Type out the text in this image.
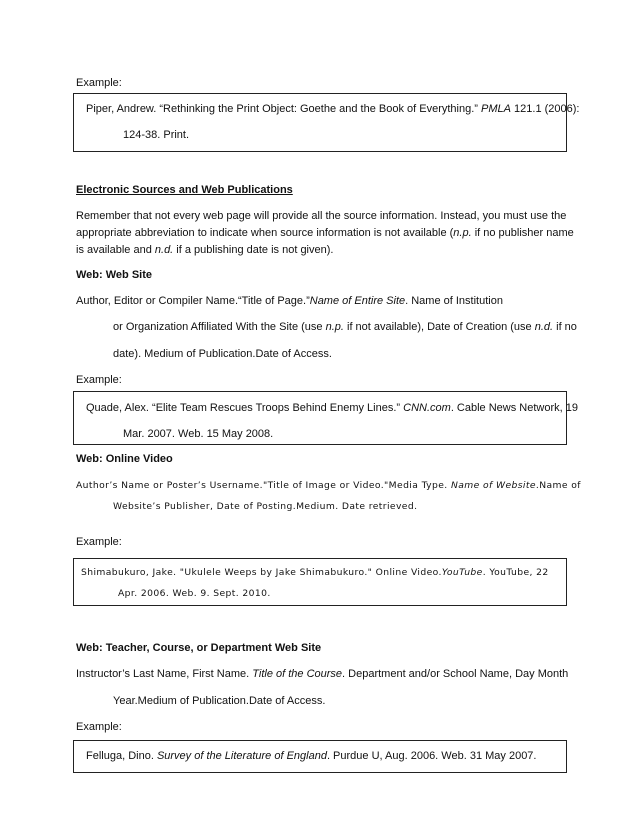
Example:
Piper, Andrew. “Rethinking the Print Object: Goethe and the Book of Everything.” PMLA 121.1 (2006):
124-38. Print.
Electronic Sources and Web Publications
Remember that not every web page will provide all the source information. Instead, you must use the
appropriate abbreviation to indicate when source information is not available (n.p. if no publisher name
is available and n.d. if a publishing date is not given).
Web: Web Site
Author, Editor or Compiler Name.“Title of Page.”Name of Entire Site. Name of Institution
or Organization Affiliated With the Site (use n.p. if not available), Date of Creation (use n.d. if no
date). Medium of Publication.Date of Access.
Example:
Quade, Alex. “Elite Team Rescues Troops Behind Enemy Lines.” CNN.com. Cable News Network, 19
Mar. 2007. Web. 15 May 2008.
Web: Online Video
Author’s Name or Poster’s Username."Title of Image or Video."Media Type. Name of Website.Name of
Website’s Publisher, Date of Posting.Medium. Date retrieved.
Example:
Shimabukuro, Jake. "Ukulele Weeps by Jake Shimabukuro." Online Video.YouTube. YouTube, 22
Apr. 2006. Web. 9. Sept. 2010.
Web: Teacher, Course, or Department Web Site
Instructor’s Last Name, First Name. Title of the Course. Department and/or School Name, Day Month
Year.Medium of Publication.Date of Access.
Example:
Felluga, Dino. Survey of the Literature of England. Purdue U, Aug. 2006. Web. 31 May 2007.
